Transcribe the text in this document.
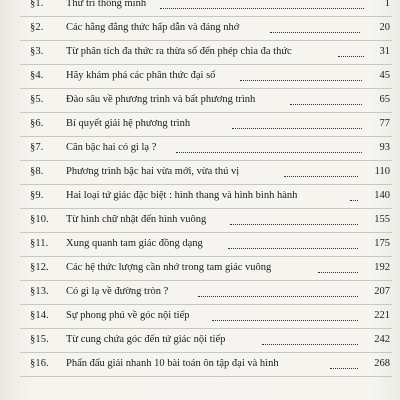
§1. Thử trí thông minh	1
§2. Các hằng đẳng thức hấp dẫn và đáng nhớ	20
§3. Từ phân tích đa thức ra thừa số đến phép chia đa thức	31
§4. Hãy khám phá các phân thức đại số	45
§5. Đào sâu về phương trình và bất phương trình	65
§6. Bí quyết giải hệ phương trình	77
§7. Căn bậc hai có gì lạ ?	93
§8. Phương trình bậc hai vừa mới, vừa thú vị	110
§9. Hai loại tứ giác đặc biệt : hình thang và hình bình hành	140
§10. Từ hình chữ nhật đến hình vuông	155
§11. Xung quanh tam giác đồng dạng	175
§12. Các hệ thức lượng cần nhớ trong tam giác vuông	192
§13. Có gì lạ về đường tròn ?	207
§14. Sự phong phú về góc nội tiếp	221
§15. Từ cung chứa góc đến tứ giác nội tiếp	242
§16. Phấn đấu giải nhanh 10 bài toán ôn tập đại và hình	268
